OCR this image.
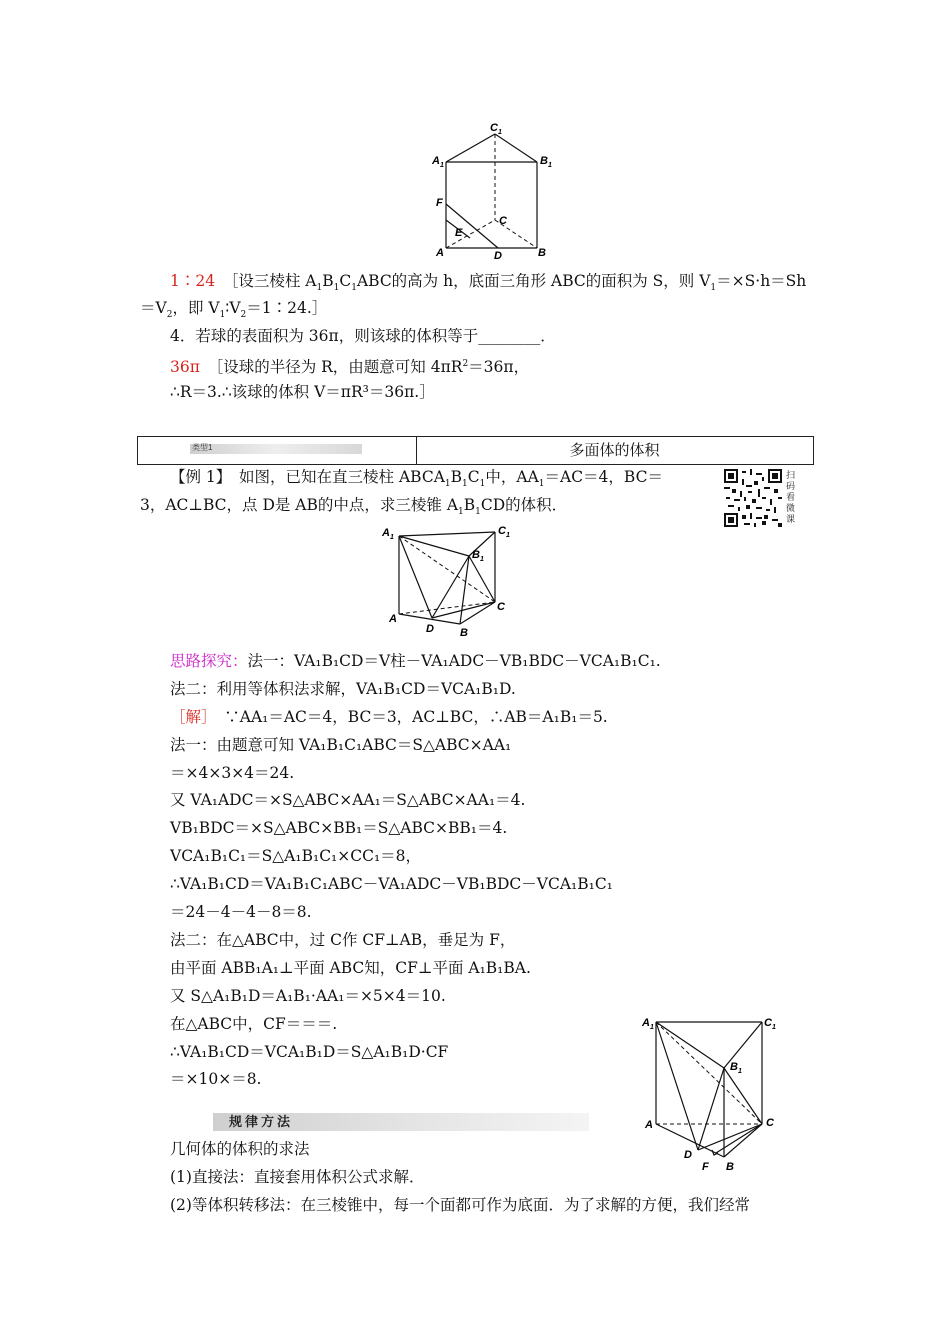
$C_1$
$A_1$	$B_1$
F
C
E
A	D	B
1∶24　 ［设三棱柱 $A_1B_1C_1ABC$的高为 h，底面三角形 ABC的面积为 S，则 $V_1=\times S\cdot h=Sh$
$=V_2$，即 $V_1∶V_2=1∶24.]$
4．若球的表面积为 36π，则该球的体积等于________．
36π　 ［设球的半径为 R，由题意可知 $4\pi R^2=36\pi$，
∴R＝3.∴该球的体积 V＝πR³＝36π.］
类型1	多面体的体积
【例 1】　如图，已知在直三棱柱 $ABCA_1B_1C_1$中，$AA_1=AC=4$，BC＝
3，AC⊥BC，点 D是 AB的中点，求三棱锥 $A_1B_1CD$的体积．
扫
码
看
微
课
$A_1$
$C_1$
$B_1$
A
C
D B
思路探究：法一：VA₁B₁CD＝V柱－VA₁ADC－VB₁BDC－VCA₁B₁C₁.
法二：利用等体积法求解，VA₁B₁CD＝VCA₁B₁D.
［解］　∵AA₁＝AC＝4，BC＝3，AC⊥BC，∴AB＝A₁B₁＝5.
法一：由题意可知 VA₁B₁C₁ABC＝S△ABC×AA₁
＝×4×3×4＝24.
又 VA₁ADC＝×S△ABC×AA₁＝S△ABC×AA₁＝4.
VB₁BDC＝×S△ABC×BB₁＝S△ABC×BB₁＝4.
VCA₁B₁C₁＝S△A₁B₁C₁×CC₁＝8，
∴VA₁B₁CD＝VA₁B₁C₁ABC－VA₁ADC－VB₁BDC－VCA₁B₁C₁
＝24－4－4－8＝8.
法二：在△ABC中，过 C作 CF⊥AB，垂足为 F，
由平面 ABB₁A₁⊥平面 ABC知，CF⊥平面 A₁B₁BA.
又 S△A₁B₁D＝A₁B₁·AA₁＝×5×4＝10.
在△ABC中，CF＝＝＝.
∴VA₁B₁CD＝VCA₁B₁D＝S△A₁B₁D·CF
＝×10×＝8.
$A_1$	$C_1$
$B_1$
A	C
D
F B
规律方法
几何体的体积的求法
(1)直接法：直接套用体积公式求解．
(2)等体积转移法：在三棱锥中，每一个面都可作为底面．为了求解的方便，我们经常
